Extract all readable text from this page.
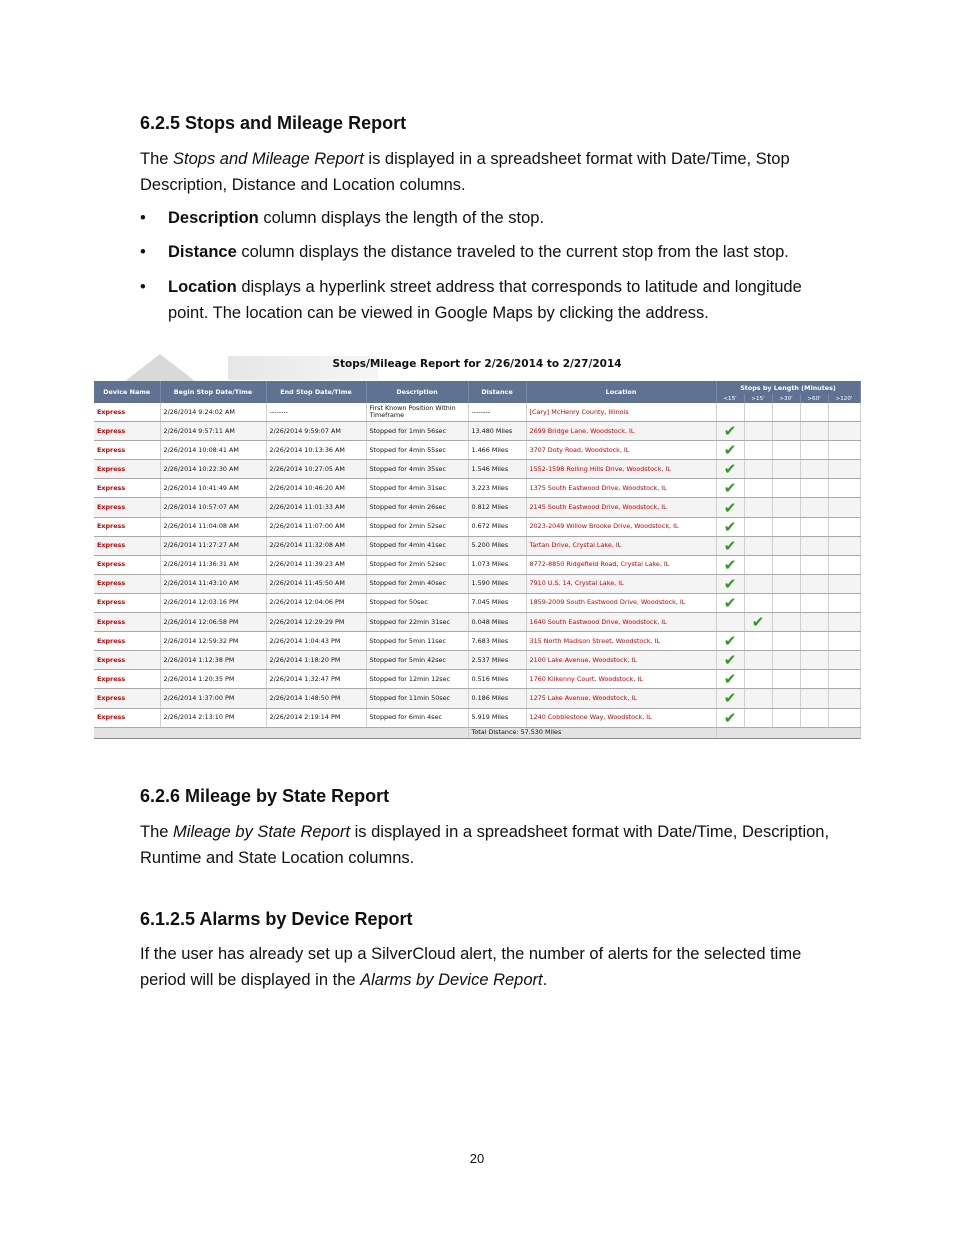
6.2.5 Stops and Mileage Report

The Stops and Mileage Report is displayed in a spreadsheet format with Date/Time, Stop Description, Distance and Location columns.

• Description column displays the length of the stop.
• Distance column displays the distance traveled to the current stop from the last stop.
• Location displays a hyperlink street address that corresponds to latitude and longitude point. The location can be viewed in Google Maps by clicking the address.
Stops/Mileage Report for 2/26/2014 to 2/27/2014
Device Name	Begin Stop Date/Time	End Stop Date/Time	Description	Distance	Location	Stops by Length (Minutes)				
						<15'	>15'	>30'	>60'	>120'
Express	2/26/2014 9:24:02 AM	--------	First Known Position Within Timeframe	--------	[Cary] McHenry County, Illinois					
Express	2/26/2014 9:57:11 AM	2/26/2014 9:59:07 AM	Stopped for 1min 56sec	13.480 Miles	2699 Bridge Lane, Woodstock, IL	✔				
Express	2/26/2014 10:08:41 AM	2/26/2014 10:13:36 AM	Stopped for 4min 55sec	1.466 Miles	3707 Doty Road, Woodstock, IL	✔				
Express	2/26/2014 10:22:30 AM	2/26/2014 10:27:05 AM	Stopped for 4min 35sec	1.546 Miles	1552-1598 Rolling Hills Drive, Woodstock, IL	✔				
Express	2/26/2014 10:41:49 AM	2/26/2014 10:46:20 AM	Stopped for 4min 31sec	3.223 Miles	1375 South Eastwood Drive, Woodstock, IL	✔				
Express	2/26/2014 10:57:07 AM	2/26/2014 11:01:33 AM	Stopped for 4min 26sec	0.812 Miles	2145 South Eastwood Drive, Woodstock, IL	✔				
Express	2/26/2014 11:04:08 AM	2/26/2014 11:07:00 AM	Stopped for 2min 52sec	0.672 Miles	2023-2049 Willow Brooke Drive, Woodstock, IL	✔				
Express	2/26/2014 11:27:27 AM	2/26/2014 11:32:08 AM	Stopped for 4min 41sec	5.200 Miles	Tartan Drive, Crystal Lake, IL	✔				
Express	2/26/2014 11:36:31 AM	2/26/2014 11:39:23 AM	Stopped for 2min 52sec	1.073 Miles	8772-8850 Ridgefield Road, Crystal Lake, IL	✔				
Express	2/26/2014 11:43:10 AM	2/26/2014 11:45:50 AM	Stopped for 2min 40sec	1.590 Miles	7910 U.S. 14, Crystal Lake, IL	✔				
Express	2/26/2014 12:03:16 PM	2/26/2014 12:04:06 PM	Stopped for 50sec	7.045 Miles	1859-2009 South Eastwood Drive, Woodstock, IL	✔				
Express	2/26/2014 12:06:58 PM	2/26/2014 12:29:29 PM	Stopped for 22min 31sec	0.048 Miles	1640 South Eastwood Drive, Woodstock, IL		✔			
Express	2/26/2014 12:59:32 PM	2/26/2014 1:04:43 PM	Stopped for 5min 11sec	7.683 Miles	315 North Madison Street, Woodstock, IL	✔				
Express	2/26/2014 1:12:38 PM	2/26/2014 1:18:20 PM	Stopped for 5min 42sec	2.537 Miles	2100 Lake Avenue, Woodstock, IL	✔				
Express	2/26/2014 1:20:35 PM	2/26/2014 1:32:47 PM	Stopped for 12min 12sec	0.516 Miles	1760 Kilkenny Court, Woodstock, IL	✔				
Express	2/26/2014 1:37:00 PM	2/26/2014 1:48:50 PM	Stopped for 11min 50sec	0.186 Miles	1275 Lake Avenue, Woodstock, IL	✔				
Express	2/26/2014 2:13:10 PM	2/26/2014 2:19:14 PM	Stopped for 6min 4sec	5.919 Miles	1240 Cobblestone Way, Woodstock, IL	✔				
				Total Distance: 57.530 Miles						
6.2.6 Mileage by State Report

The Mileage by State Report is displayed in a spreadsheet format with Date/Time, Description, Runtime and State Location columns.

6.1.2.5 Alarms by Device Report

If the user has already set up a SilverCloud alert, the number of alerts for the selected time period will be displayed in the Alarms by Device Report.

20
